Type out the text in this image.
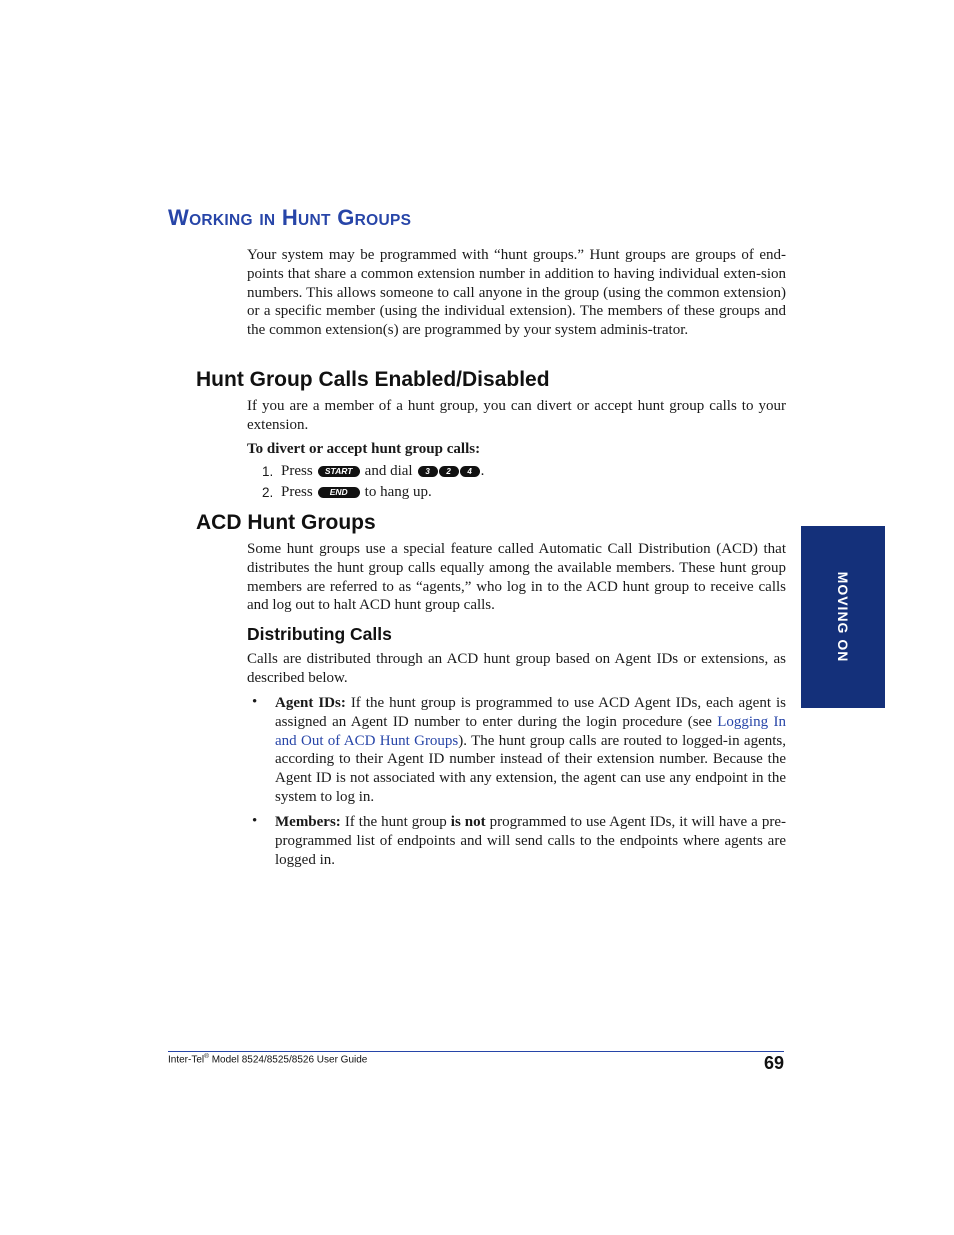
WORKING IN HUNT GROUPS

Your system may be programmed with “hunt groups.” Hunt groups are groups of end-points that share a common extension number in addition to having individual exten-sion numbers. This allows someone to call anyone in the group (using the common extension) or a specific member (using the individual extension). The members of these groups and the common extension(s) are programmed by your system adminis-trator.

Hunt Group Calls Enabled/Disabled

If you are a member of a hunt group, you can divert or accept hunt group calls to your extension.

To divert or accept hunt group calls:
1. Press	START and dial	3	2	4 .
2. Press	END	to hang up.
ACD Hunt Groups

Some hunt groups use a special feature called Automatic Call Distribution (ACD) that distributes the hunt group calls equally among the available members. These hunt group members are referred to as “agents,” who log in to the ACD hunt group to receive calls and log out to halt ACD hunt group calls.

Distributing Calls

Calls are distributed through an ACD hunt group based on Agent IDs or extensions, as described below.

• Agent IDs: If the hunt group is programmed to use ACD Agent IDs, each agent is assigned an Agent ID number to enter during the login procedure (see Logging In and Out of ACD Hunt Groups). The hunt group calls are routed to logged-in agents, according to their Agent ID number instead of their extension number. Because the Agent ID is not associated with any extension, the agent can use any endpoint in the system to log in.

• Members: If the hunt group is not programmed to use Agent IDs, it will have a pre-programmed list of endpoints and will send calls to the endpoints where agents are logged in.

MOVING ON
Inter-Tel® Model 8524/8525/8526 User Guide	69
